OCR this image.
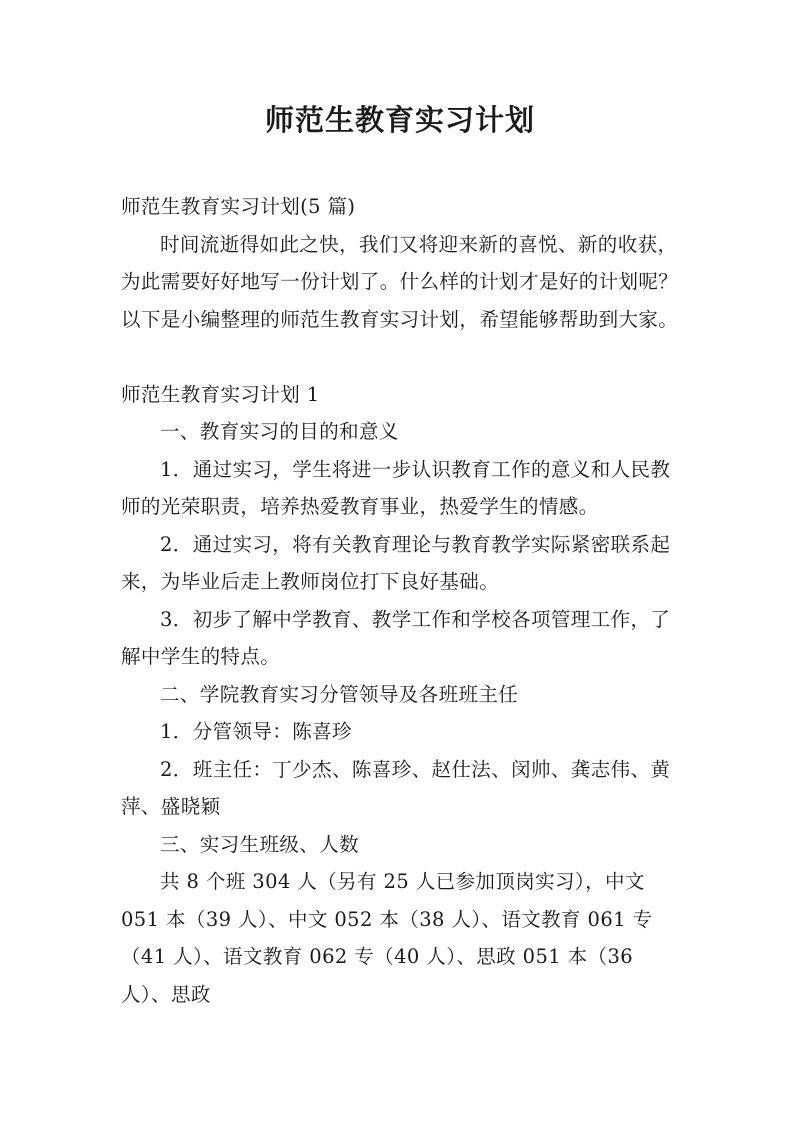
师范生教育实习计划

师范生教育实习计划(5 篇)

时间流逝得如此之快，我们又将迎来新的喜悦、新的收获，为此需要好好地写一份计划了。什么样的计划才是好的计划呢？以下是小编整理的师范生教育实习计划，希望能够帮助到大家。

师范生教育实习计划 1

一、教育实习的目的和意义

1．通过实习，学生将进一步认识教育工作的意义和人民教师的光荣职责，培养热爱教育事业，热爱学生的情感。

2．通过实习，将有关教育理论与教育教学实际紧密联系起来，为毕业后走上教师岗位打下良好基础。

3．初步了解中学教育、教学工作和学校各项管理工作，了解中学生的特点。

二、学院教育实习分管领导及各班班主任

1．分管领导：陈喜珍

2．班主任：丁少杰、陈喜珍、赵仕法、闵帅、龚志伟、黄萍、盛晓颖

三、实习生班级、人数

共 8 个班 304 人（另有 25 人已参加顶岗实习），中文 051 本（39 人）、中文 052 本（38 人）、语文教育 061 专（41 人）、语文教育 062 专（40 人）、思政 051 本（36 人）、思政
